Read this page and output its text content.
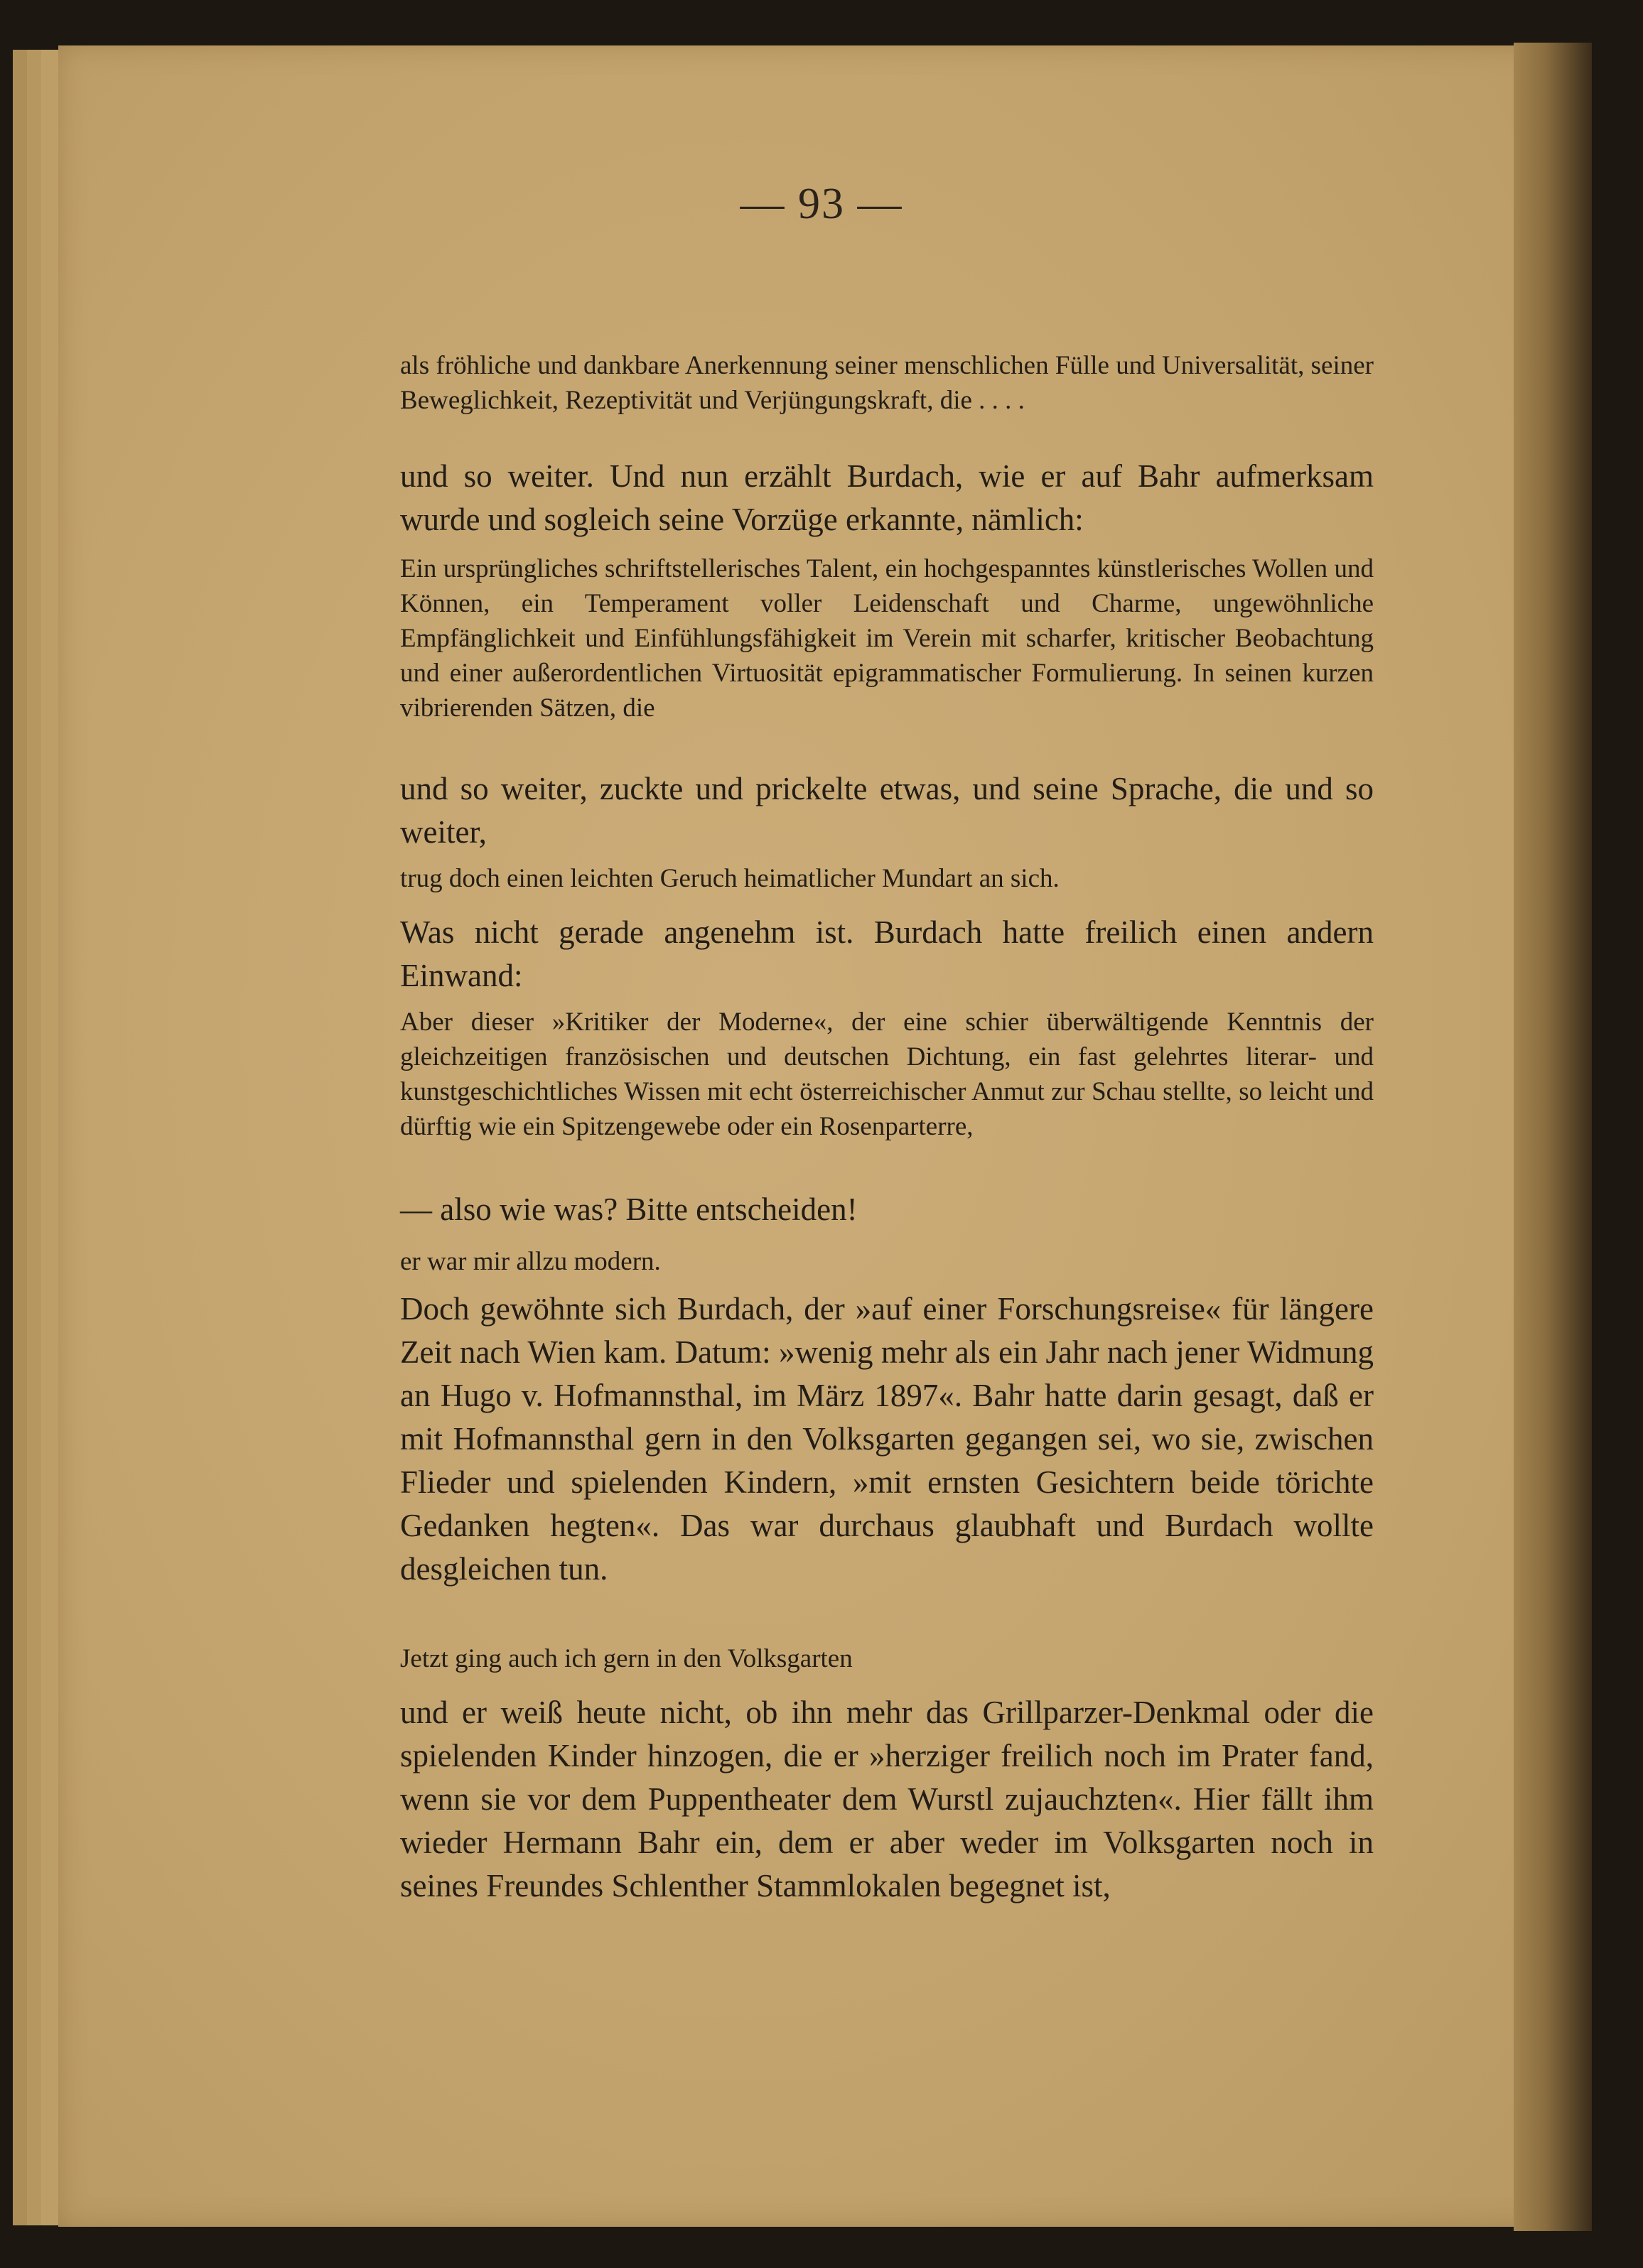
— 93 —
als fröhliche und dankbare Anerkennung seiner menschlichen Fülle und Universalität, seiner Beweglichkeit, Rezeptivität und Verjüngungskraft, die . . . .
und so weiter. Und nun erzählt Burdach, wie er auf Bahr aufmerksam wurde und sogleich seine Vorzüge erkannte, nämlich:
Ein ursprüngliches schriftstellerisches Talent, ein hochgespanntes künstlerisches Wollen und Können, ein Temperament voller Leidenschaft und Charme, ungewöhnliche Empfänglichkeit und Einfühlungsfähigkeit im Verein mit scharfer, kritischer Beobachtung und einer außerordentlichen Virtuosität epigrammatischer Formulierung. In seinen kurzen vibrierenden Sätzen, die
und so weiter, zuckte und prickelte etwas, und seine Sprache, die und so weiter,
trug doch einen leichten Geruch heimatlicher Mundart an sich.
Was nicht gerade angenehm ist. Burdach hatte freilich einen andern Einwand:
Aber dieser »Kritiker der Moderne«, der eine schier überwältigende Kenntnis der gleichzeitigen französischen und deutschen Dichtung, ein fast gelehrtes literar- und kunstgeschichtliches Wissen mit echt österreichischer Anmut zur Schau stellte, so leicht und dürftig wie ein Spitzengewebe oder ein Rosenparterre,
— also wie was? Bitte entscheiden!
er war mir allzu modern.
Doch gewöhnte sich Burdach, der »auf einer Forschungsreise« für längere Zeit nach Wien kam. Datum: »wenig mehr als ein Jahr nach jener Widmung an Hugo v. Hofmannsthal, im März 1897«. Bahr hatte darin gesagt, daß er mit Hofmannsthal gern in den Volksgarten gegangen sei, wo sie, zwischen Flieder und spielenden Kindern, »mit ernsten Gesichtern beide törichte Gedanken hegten«. Das war durchaus glaubhaft und Burdach wollte desgleichen tun.
Jetzt ging auch ich gern in den Volksgarten
und er weiß heute nicht, ob ihn mehr das Grillparzer-Denkmal oder die spielenden Kinder hinzogen, die er »herziger freilich noch im Prater fand, wenn sie vor dem Puppentheater dem Wurstl zujauchzten«. Hier fällt ihm wieder Hermann Bahr ein, dem er aber weder im Volksgarten noch in seines Freundes Schlenther Stammlokalen begegnet ist,
